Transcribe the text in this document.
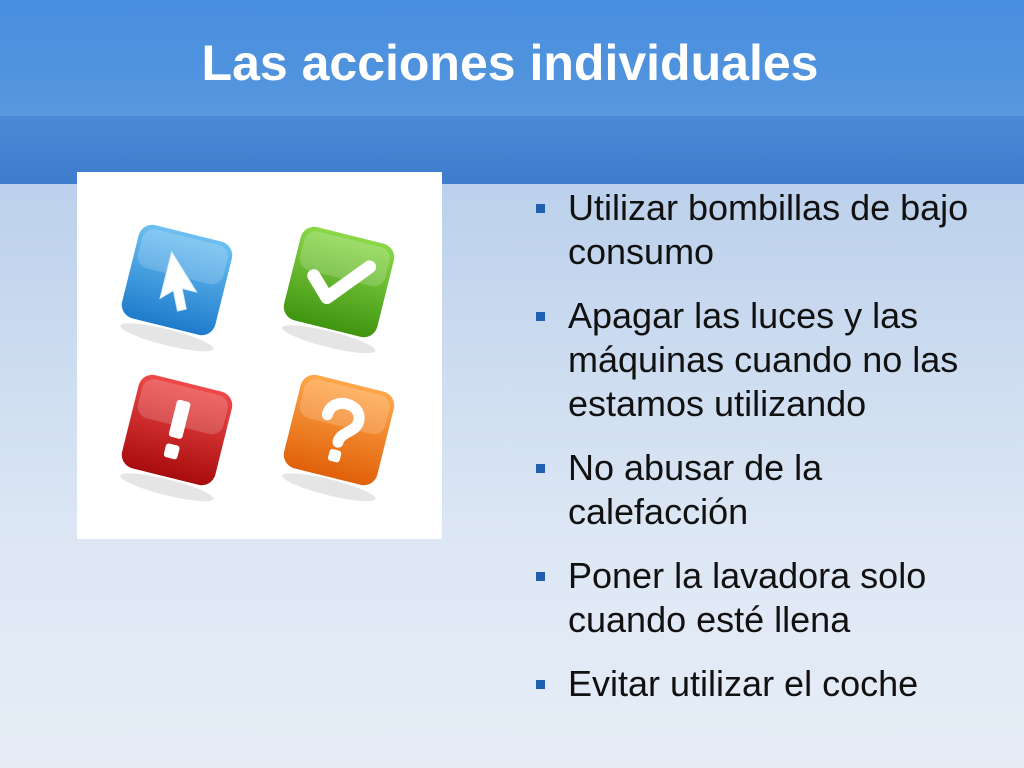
Las acciones individuales
Utilizar bombillas de bajo consumo
Apagar las luces y las máquinas cuando no las estamos utilizando
No abusar de la calefacción
Poner la lavadora solo cuando esté llena
Evitar utilizar el coche
